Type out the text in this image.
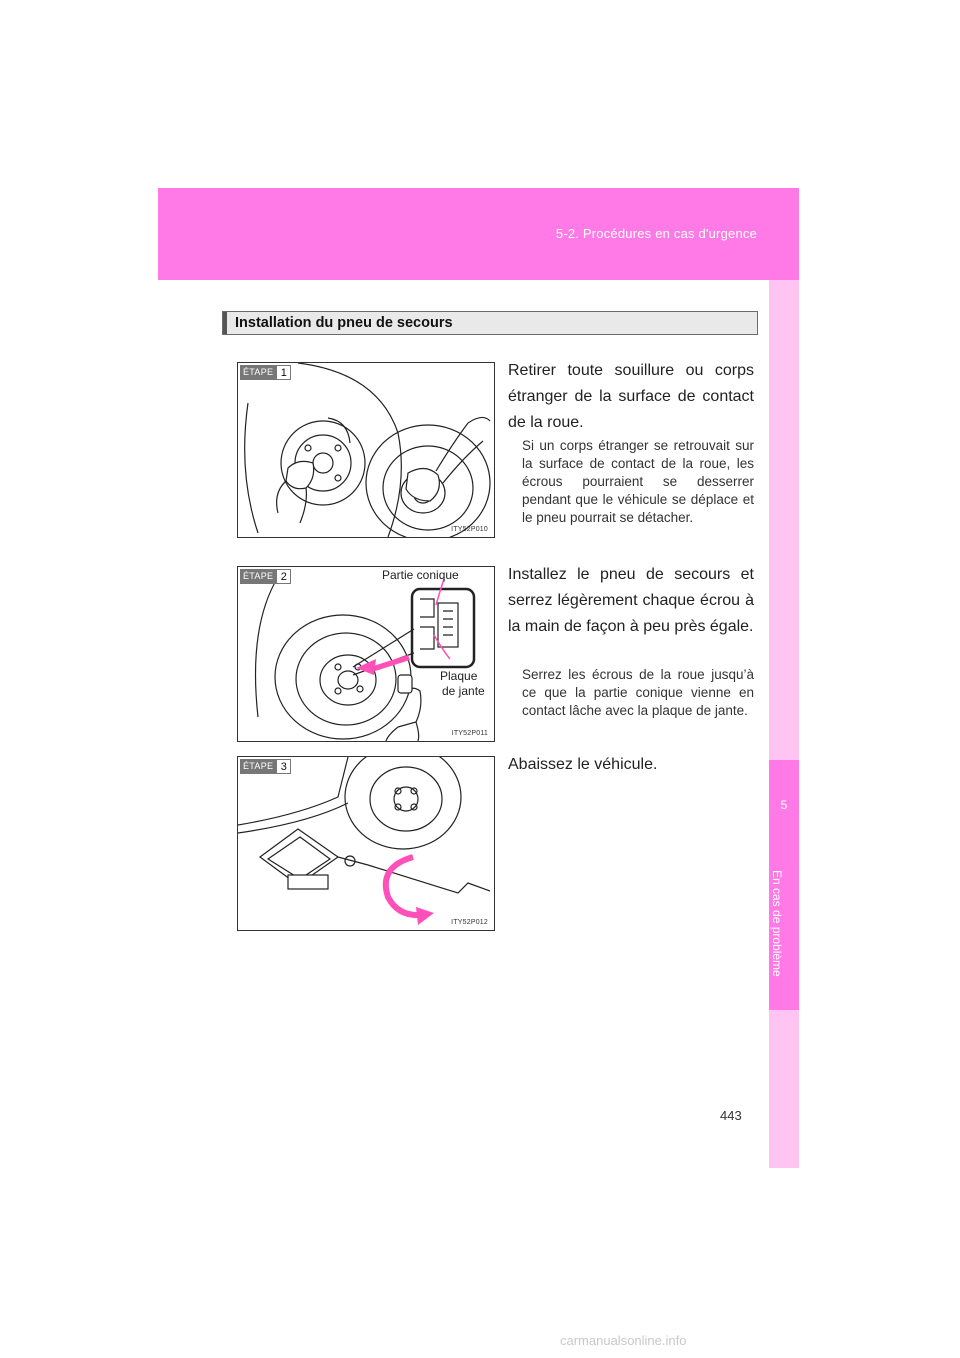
5-2. Procédures en cas d'urgence
5
En cas de problème
Installation du pneu de secours
ÉTAPE 1
ITY52P010
Retirer toute souillure ou corps étranger de la surface de contact de la roue.
Si un corps étranger se retrouvait sur la surface de contact de la roue, les écrous pourraient se desserrer pendant que le véhicule se déplace et le pneu pourrait se détacher.
ÉTAPE 2	Partie conique
Plaque
de jante
ITY52P011
Installez le pneu de secours et serrez légèrement chaque écrou à la main de façon à peu près égale.
Serrez les écrous de la roue jusqu’à ce que la partie conique vienne en contact lâche avec la plaque de jante.
ÉTAPE 3
ITY52P012
Abaissez le véhicule.
443
carmanualsonline.info
